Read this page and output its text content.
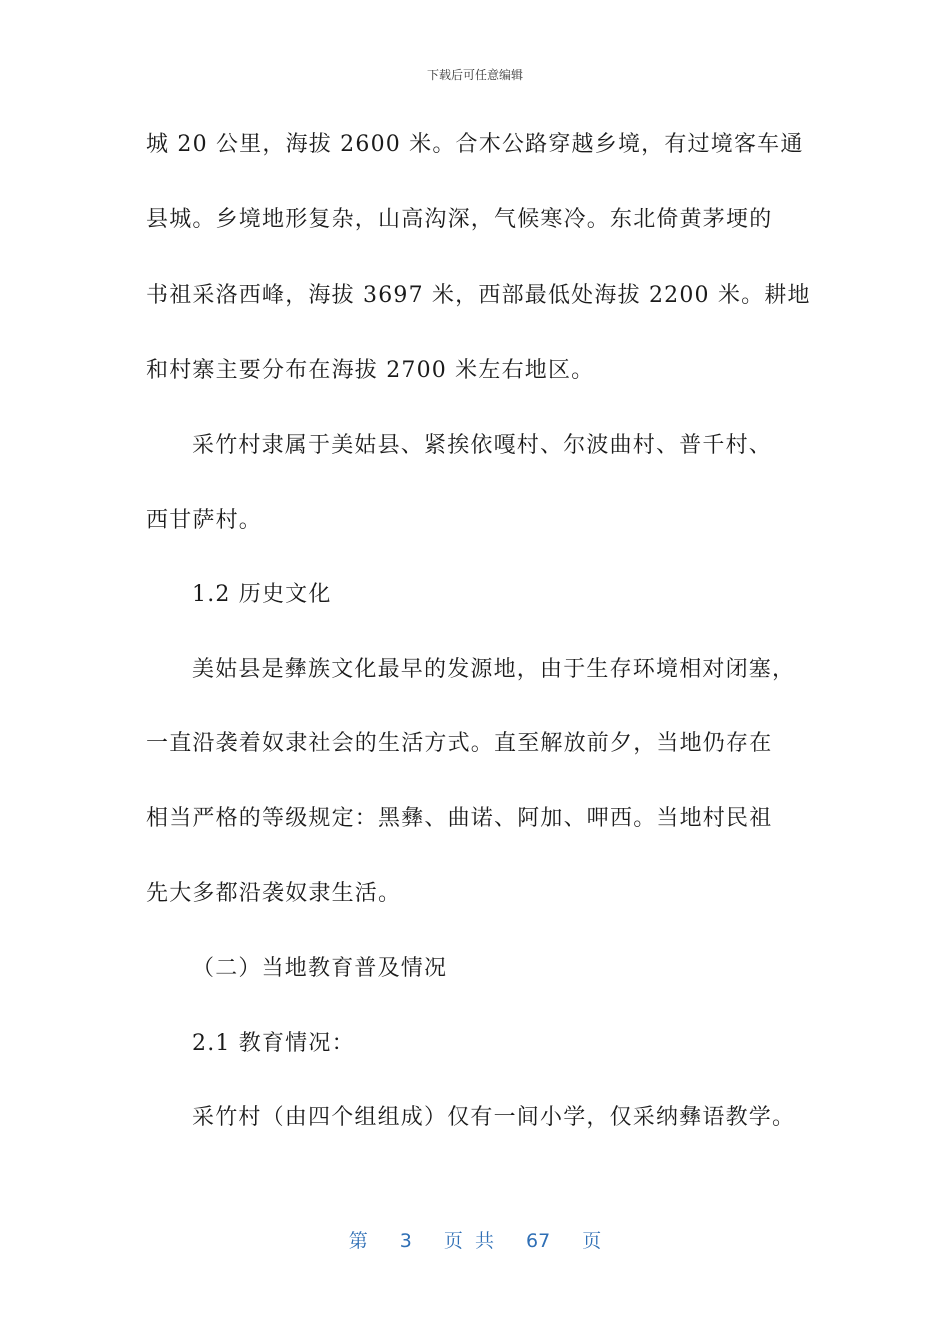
下载后可任意编辑
城 20 公里，海拔 2600 米。合木公路穿越乡境，有过境客车通
县城。乡境地形复杂，山高沟深，气候寒冷。东北倚黄茅埂的
书祖采洛西峰，海拔 3697 米，西部最低处海拔 2200 米。耕地
和村寨主要分布在海拔 2700 米左右地区。
采竹村隶属于美姑县、紧挨依嘎村、尔波曲村、普千村、
西甘萨村。
1.2 历史文化
美姑县是彝族文化最早的发源地，由于生存环境相对闭塞，
一直沿袭着奴隶社会的生活方式。直至解放前夕，当地仍存在
相当严格的等级规定：黑彝、曲诺、阿加、呷西。当地村民祖
先大多都沿袭奴隶生活。
（二）当地教育普及情况
2.1 教育情况：
采竹村（由四个组组成）仅有一间小学，仅采纳彝语教学。
第 3 页 共 67 页
